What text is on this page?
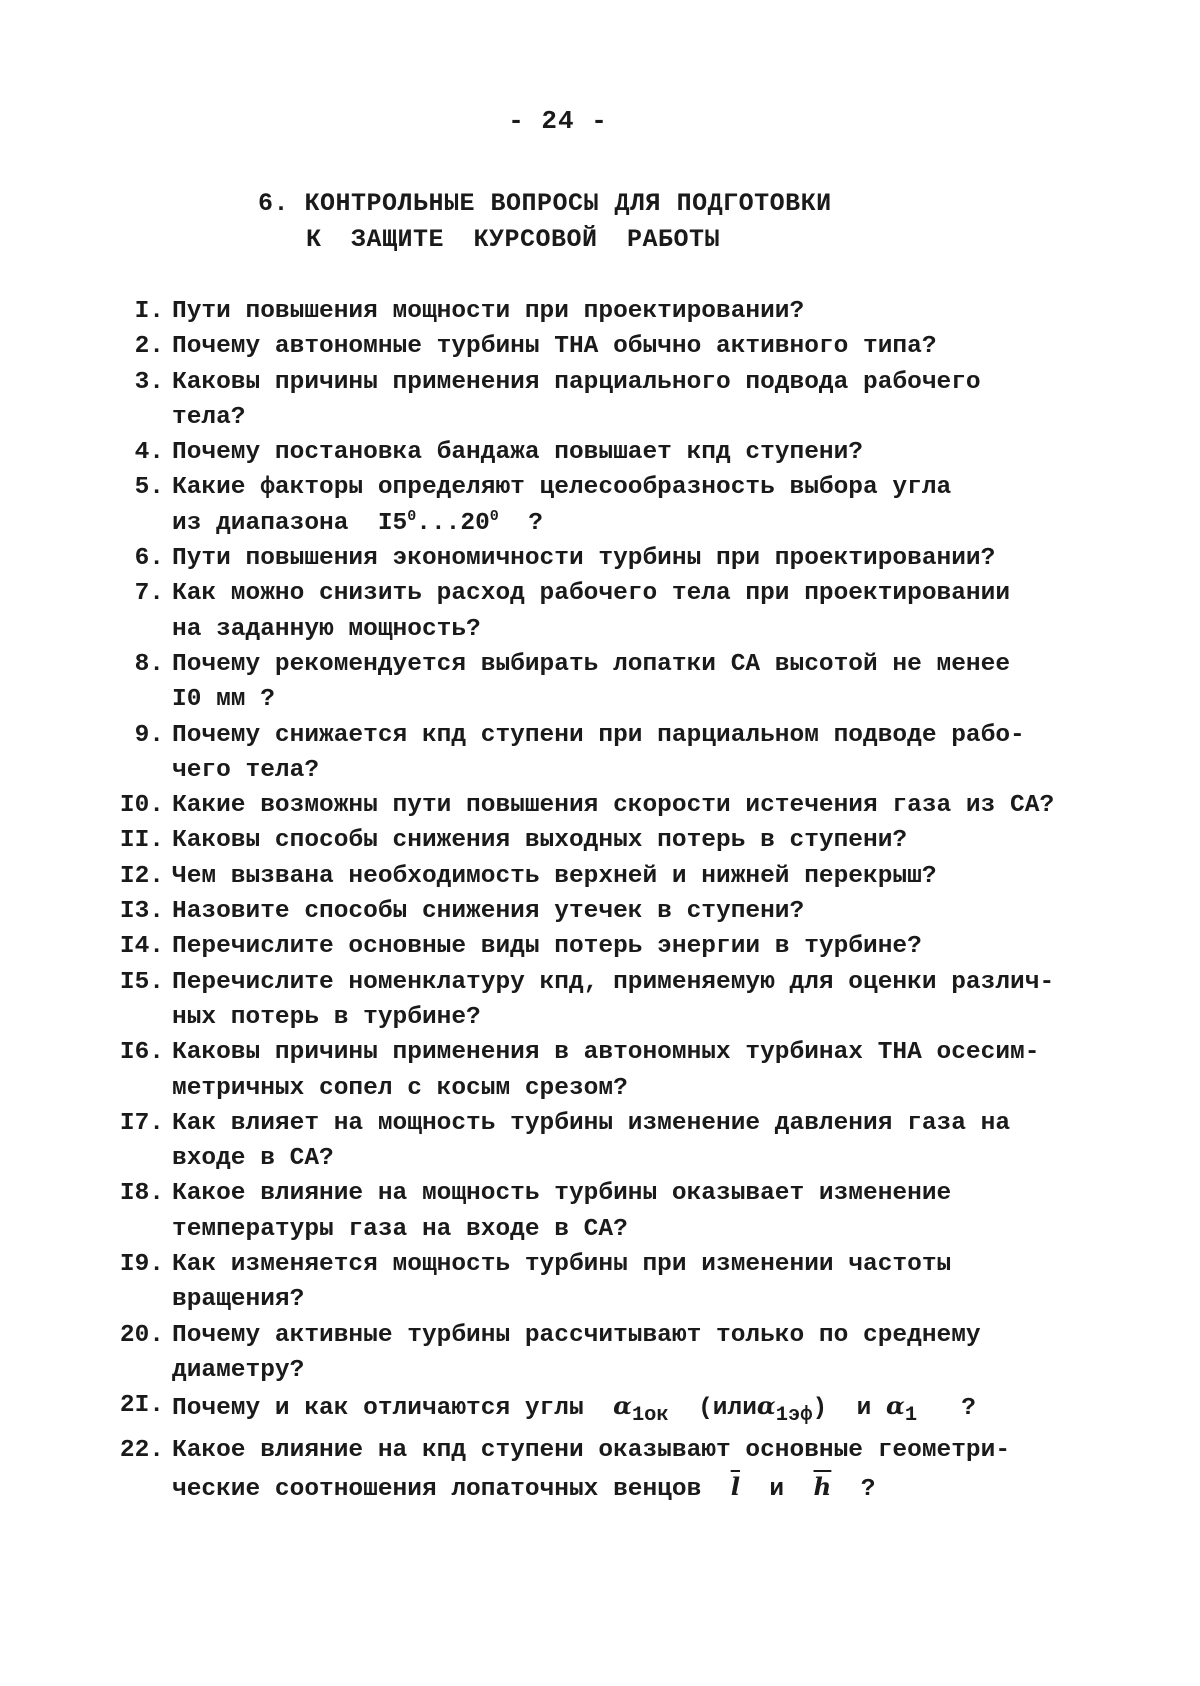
- 24 -
6. КОНТРОЛЬНЫЕ ВОПРОСЫ ДЛЯ ПОДГОТОВКИ
К ЗАЩИТЕ КУРСОВОЙ РАБОТЫ
I. Пути повышения мощности при проектировании?
2. Почему автономные турбины ТНА обычно активного типа?
3. Каковы причины применения парциального подвода рабочего
тела?
4. Почему постановка бандажа повышает кпд ступени?
5. Какие факторы определяют целесообразность выбора угла
из диапазона  $I5^0...20^0$  ?
6. Пути повышения экономичности турбины при проектировании?
7. Как можно снизить расход рабочего тела при проектировании
на заданную мощность?
8. Почему рекомендуется выбирать лопатки СА высотой не менее
I0 мм ?
9. Почему снижается кпд ступени при парциальном подводе рабо-
чего тела?
I0. Какие возможны пути повышения скорости истечения газа из СА?
II. Каковы способы снижения выходных потерь в ступени?
I2. Чем вызвана необходимость верхней и нижней перекрыш?
I3. Назовите способы снижения утечек в ступени?
I4. Перечислите основные виды потерь энергии в турбине?
I5. Перечислите номенклатуру кпд, применяемую для оценки различ-
ных потерь в турбине?
I6. Каковы причины применения в автономных турбинах ТНА осесим-
метричных сопел с косым срезом?
I7. Как влияет на мощность турбины изменение давления газа на
входе в СА?
I8. Какое влияние на мощность турбины оказывает изменение
температуры газа на входе в СА?
I9. Как изменяется мощность турбины при изменении частоты
вращения?
20. Почему активные турбины рассчитывают только по среднему
диаметру?
2I. Почему и как отличаются углы $\alpha_{1ок}$ (илиα$_{1эф}$)  и $\alpha_1$ ?
22. Какое влияние на кпд ступени оказывают основные геометри-
ческие соотношения лопаточных венцов $\overline{l}$ и $\overline{h}$ ?
